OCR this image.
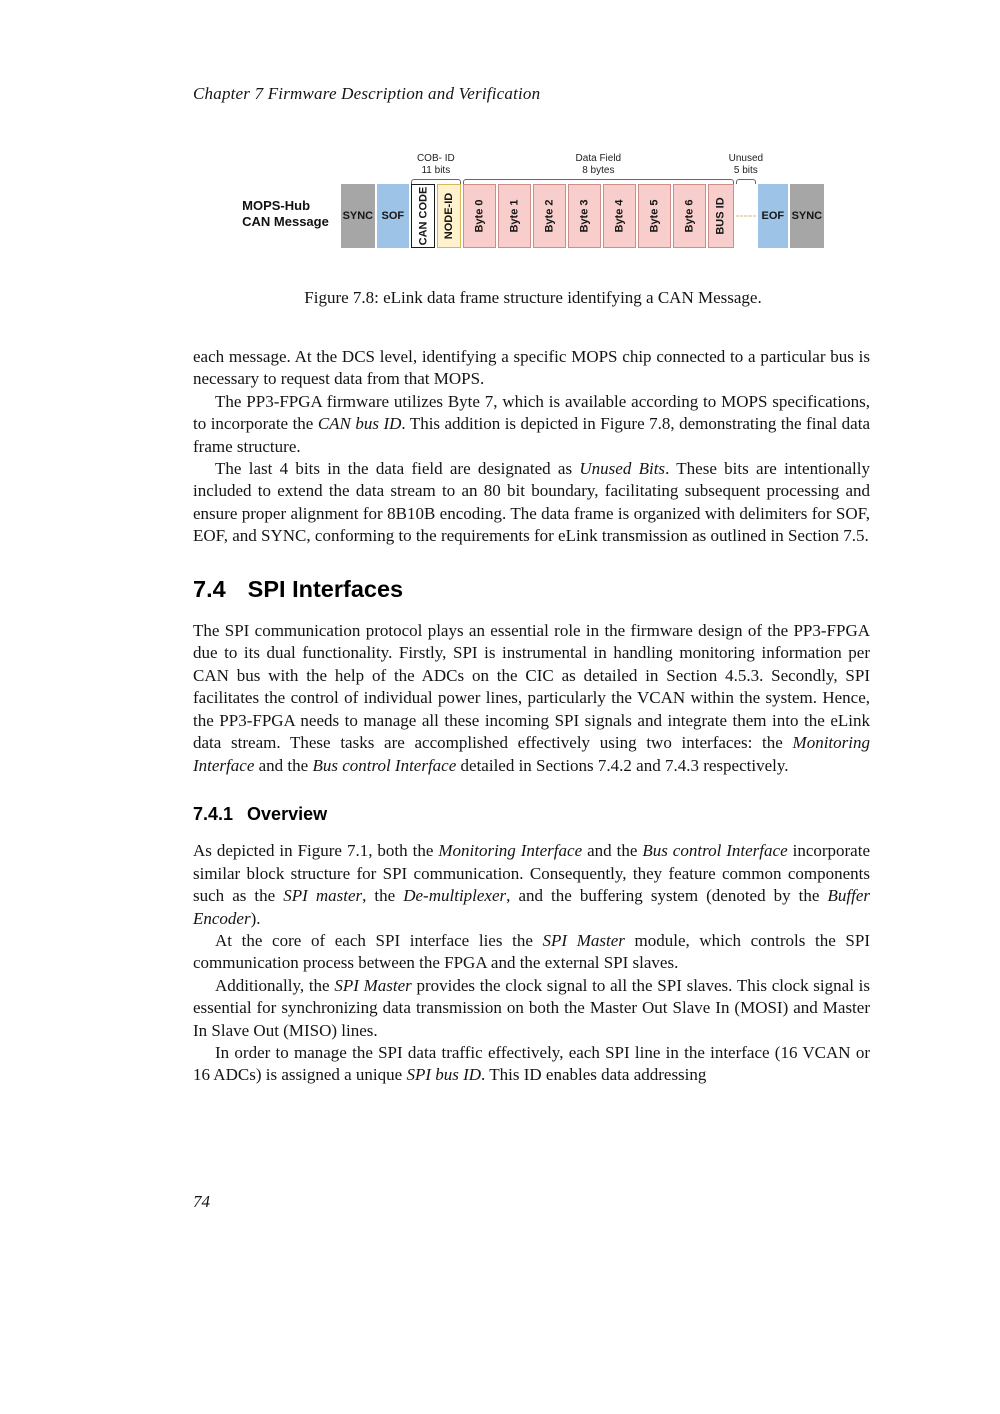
Chapter 7 Firmware Description and Verification
MOPS-Hub
CAN Message
COB- ID
11 bits
Data Field
8 bytes
Unused
5 bits
SYNC SOF	CAN CODE NODE-ID Byte 0 Byte 1 Byte 2 Byte 3 Byte 4 Byte 5 Byte 6 BUS ID	EOF SYNC
Figure 7.8: eLink data frame structure identifying a CAN Message.

each message. At the DCS level, identifying a specific MOPS chip connected to a particular bus is necessary to request data from that MOPS.

The PP3-FPGA firmware utilizes Byte 7, which is available according to MOPS specifications, to incorporate the CAN bus ID. This addition is depicted in Figure 7.8, demonstrating the final data frame structure.

The last 4 bits in the data field are designated as Unused Bits. These bits are intentionally included to extend the data stream to an 80 bit boundary, facilitating subsequent processing and ensure proper alignment for 8B10B encoding. The data frame is organized with delimiters for SOF, EOF, and SYNC, conforming to the requirements for eLink transmission as outlined in Section 7.5.

7.4 SPI Interfaces

The SPI communication protocol plays an essential role in the firmware design of the PP3-FPGA due to its dual functionality. Firstly, SPI is instrumental in handling monitoring information per CAN bus with the help of the ADCs on the CIC as detailed in Section 4.5.3. Secondly, SPI facilitates the control of individual power lines, particularly the VCAN within the system. Hence, the PP3-FPGA needs to manage all these incoming SPI signals and integrate them into the eLink data stream. These tasks are accomplished effectively using two interfaces: the Monitoring Interface and the Bus control Interface detailed in Sections 7.4.2 and 7.4.3 respectively.

7.4.1 Overview

As depicted in Figure 7.1, both the Monitoring Interface and the Bus control Interface incorporate similar block structure for SPI communication. Consequently, they feature common components such as the SPI master, the De-multiplexer, and the buffering system (denoted by the Buffer Encoder).

At the core of each SPI interface lies the SPI Master module, which controls the SPI communication process between the FPGA and the external SPI slaves.

Additionally, the SPI Master provides the clock signal to all the SPI slaves. This clock signal is essential for synchronizing data transmission on both the Master Out Slave In (MOSI) and Master In Slave Out (MISO) lines.

In order to manage the SPI data traffic effectively, each SPI line in the interface (16 VCAN or 16 ADCs) is assigned a unique SPI bus ID. This ID enables data addressing

74
